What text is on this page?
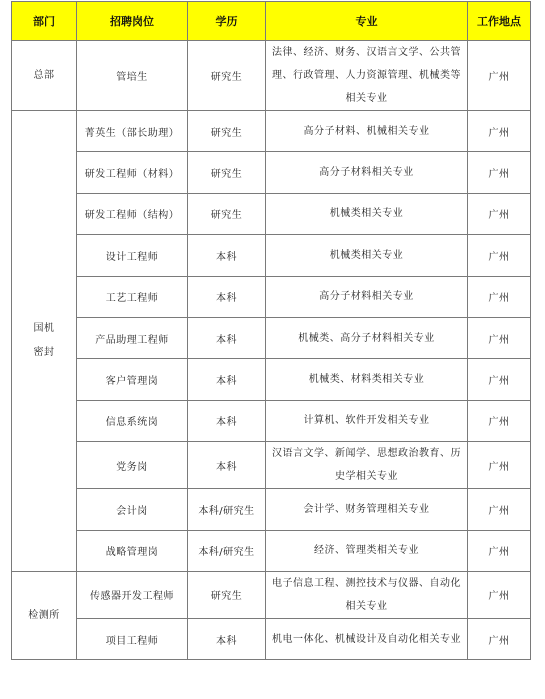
部门	招聘岗位	学历	专业	工作地点

总部	管培生	研究生	法律、经济、财务、汉语言文学、公共管理、行政管理、人力资源管理、机械类等相关专业	广州

国机
密封	菁英生（部长助理）	研究生	高分子材料、机械相关专业	广州
	研发工程师（材料）	研究生	高分子材料相关专业	广州
	研发工程师（结构）	研究生	机械类相关专业	广州
	设计工程师	本科	机械类相关专业	广州
	工艺工程师	本科	高分子材料相关专业	广州
	产品助理工程师	本科	机械类、高分子材料相关专业	广州
	客户管理岗	本科	机械类、材料类相关专业	广州
	信息系统岗	本科	计算机、软件开发相关专业	广州
	党务岗	本科	汉语言文学、新闻学、思想政治教育、历史学相关专业	广州
	会计岗	本科/研究生	会计学、财务管理相关专业	广州
	战略管理岗	本科/研究生	经济、管理类相关专业	广州

检测所	传感器开发工程师	研究生	电子信息工程、测控技术与仪器、自动化相关专业	广州
	项目工程师	本科	机电一体化、机械设计及自动化相关专业	广州
